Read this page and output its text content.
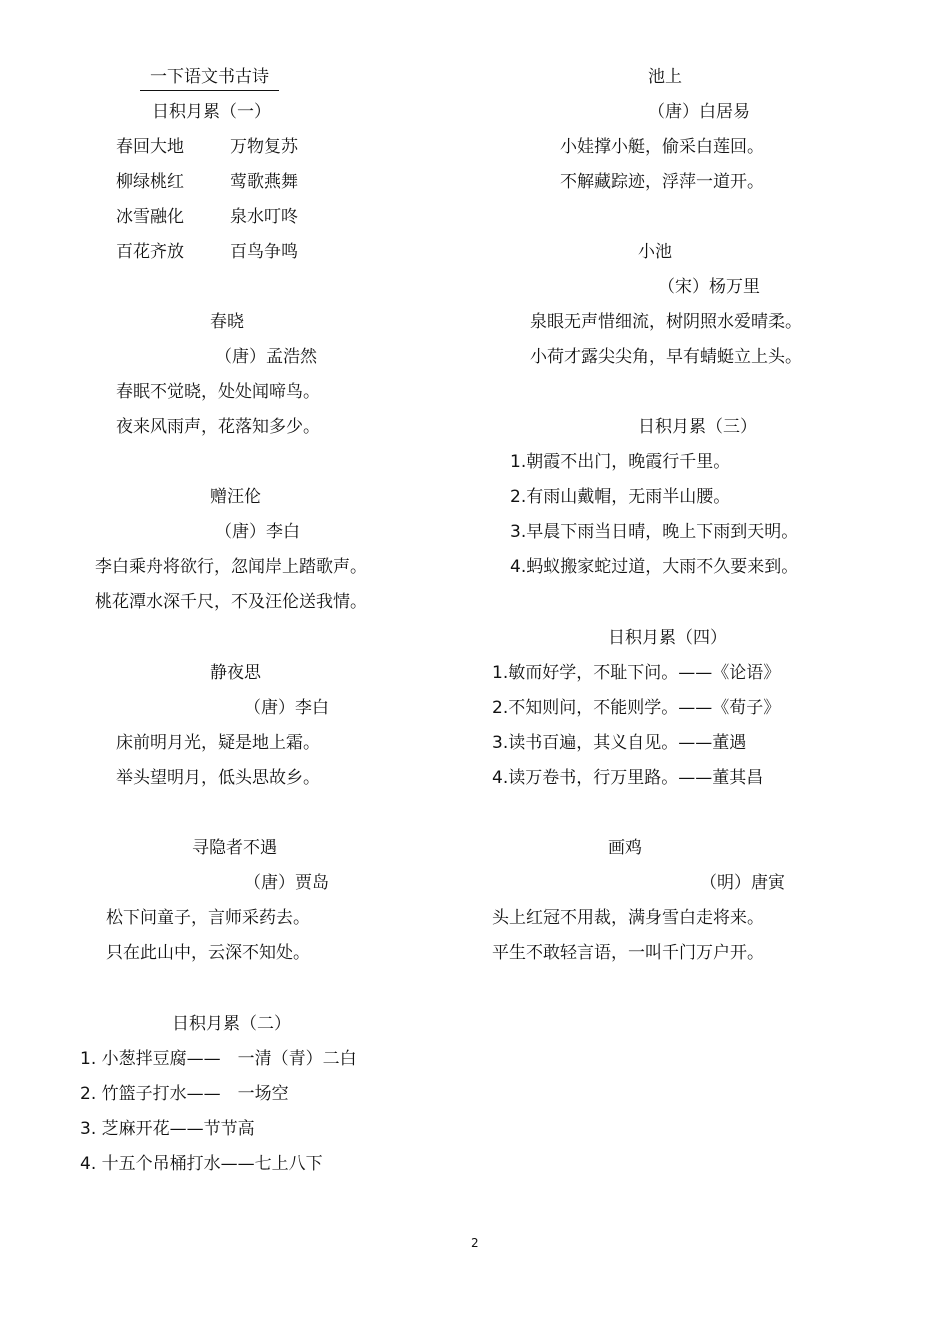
一下语文书古诗
日积月累（一）
春回大地	万物复苏
柳绿桃红	莺歌燕舞
冰雪融化	泉水叮咚
百花齐放	百鸟争鸣
春晓
（唐）孟浩然
春眠不觉晓，处处闻啼鸟。
夜来风雨声，花落知多少。
赠汪伦
（唐）李白
李白乘舟将欲行，忽闻岸上踏歌声。
桃花潭水深千尺，不及汪伦送我情。
静夜思
（唐）李白
床前明月光，疑是地上霜。
举头望明月，低头思故乡。
寻隐者不遇
（唐）贾岛
松下问童子，言师采药去。
只在此山中，云深不知处。
日积月累（二）
1. 小葱拌豆腐——　一清（青）二白
2. 竹篮子打水——　一场空
3. 芝麻开花——节节高
4. 十五个吊桶打水——七上八下
池上
（唐）白居易
小娃撑小艇，偷采白莲回。
不解藏踪迹，浮萍一道开。
小池
（宋）杨万里
泉眼无声惜细流，树阴照水爱晴柔。
小荷才露尖尖角，早有蜻蜓立上头。
日积月累（三）
1.朝霞不出门，晚霞行千里。
2.有雨山戴帽，无雨半山腰。
3.早晨下雨当日晴，晚上下雨到天明。
4.蚂蚁搬家蛇过道，大雨不久要来到。
日积月累（四）
1.敏而好学，不耻下问。——《论语》
2.不知则问，不能则学。——《荀子》
3.读书百遍，其义自见。——董遇
4.读万卷书，行万里路。——董其昌
画鸡
（明）唐寅
头上红冠不用裁，满身雪白走将来。
平生不敢轻言语，一叫千门万户开。
2
